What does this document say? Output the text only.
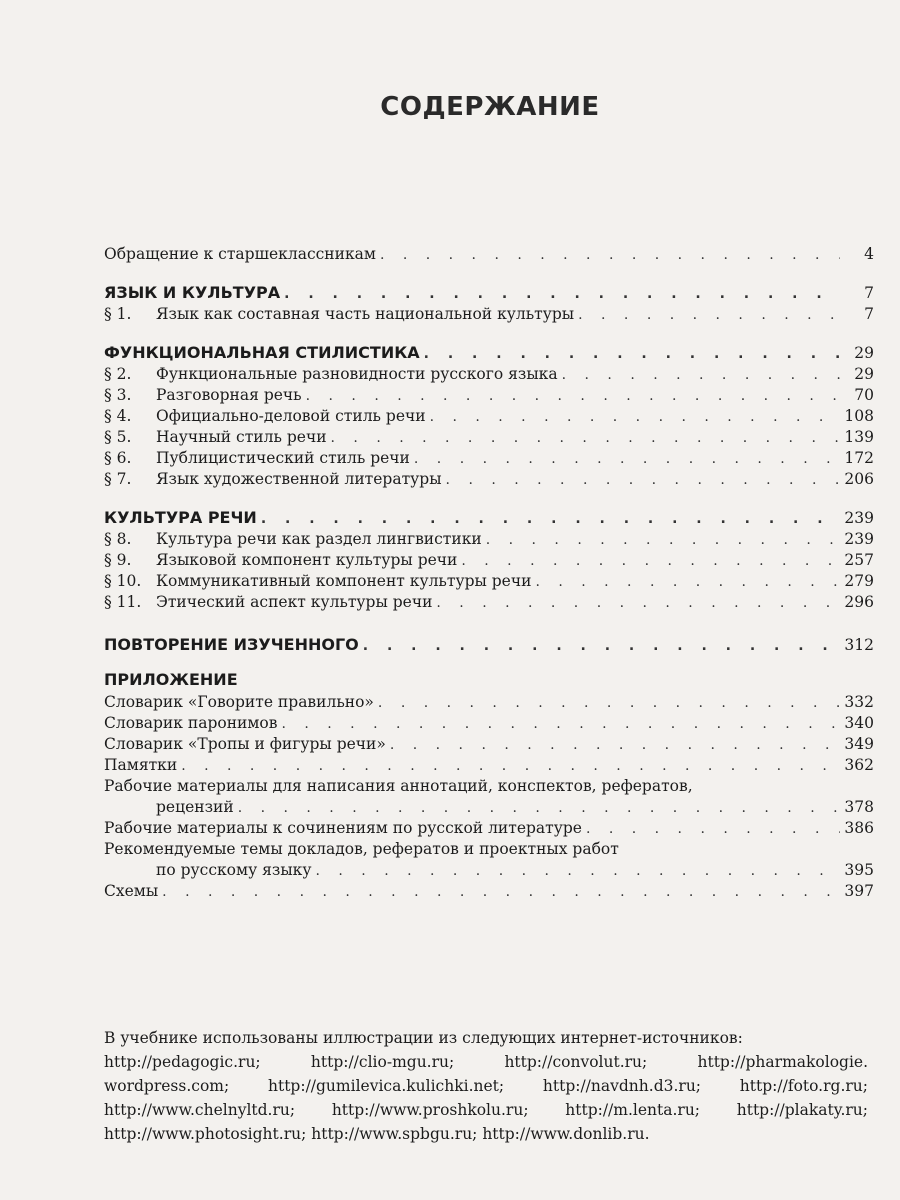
СОДЕРЖАНИЕ
Обращение к старшеклассникам . . .	4
ЯЗЫК И КУЛЬТУРА . . .	7
§ 1. Язык как составная часть национальной культуры . . .	7
ФУНКЦИОНАЛЬНАЯ СТИЛИСТИКА . . .	29
§ 2. Функциональные разновидности русского языка . . .	29
§ 3. Разговорная речь . . .	70
§ 4. Официально-деловой стиль речи . . .	108
§ 5. Научный стиль речи . . .	139
§ 6. Публицистический стиль речи . . .	172
§ 7. Язык художественной литературы . . .	206
КУЛЬТУРА РЕЧИ . . .	239
§ 8. Культура речи как раздел лингвистики . . .	239
§ 9. Языковой компонент культуры речи . . .	257
§ 10. Коммуникативный компонент культуры речи . . .	279
§ 11. Этический аспект культуры речи . . .	296
ПОВТОРЕНИЕ ИЗУЧЕННОГО . . .	312
ПРИЛОЖЕНИЕ
Словарик «Говорите правильно» . . .	332
Словарик паронимов . . .	340
Словарик «Тропы и фигуры речи» . . .	349
Памятки . . .	362
Рабочие материалы для написания аннотаций, конспектов, рефератов,
рецензий . . .	378
Рабочие материалы к сочинениям по русской литературе . . .	386
Рекомендуемые темы докладов, рефератов и проектных работ
по русскому языку . . .	395
Схемы . . .	397
В учебнике использованы иллюстрации из следующих интернет-источников:
http://pedagogic.ru;	http://clio-mgu.ru;	http://convolut.ru;	http://pharmakologie.
wordpress.com;	http://gumilevica.kulichki.net;	http://navdnh.d3.ru;	http://foto.rg.ru;
http://www.chelnyltd.ru; http://www.proshkolu.ru; http://m.lenta.ru; http://plakaty.ru;
http://www.photosight.ru; http://www.spbgu.ru; http://www.donlib.ru.
